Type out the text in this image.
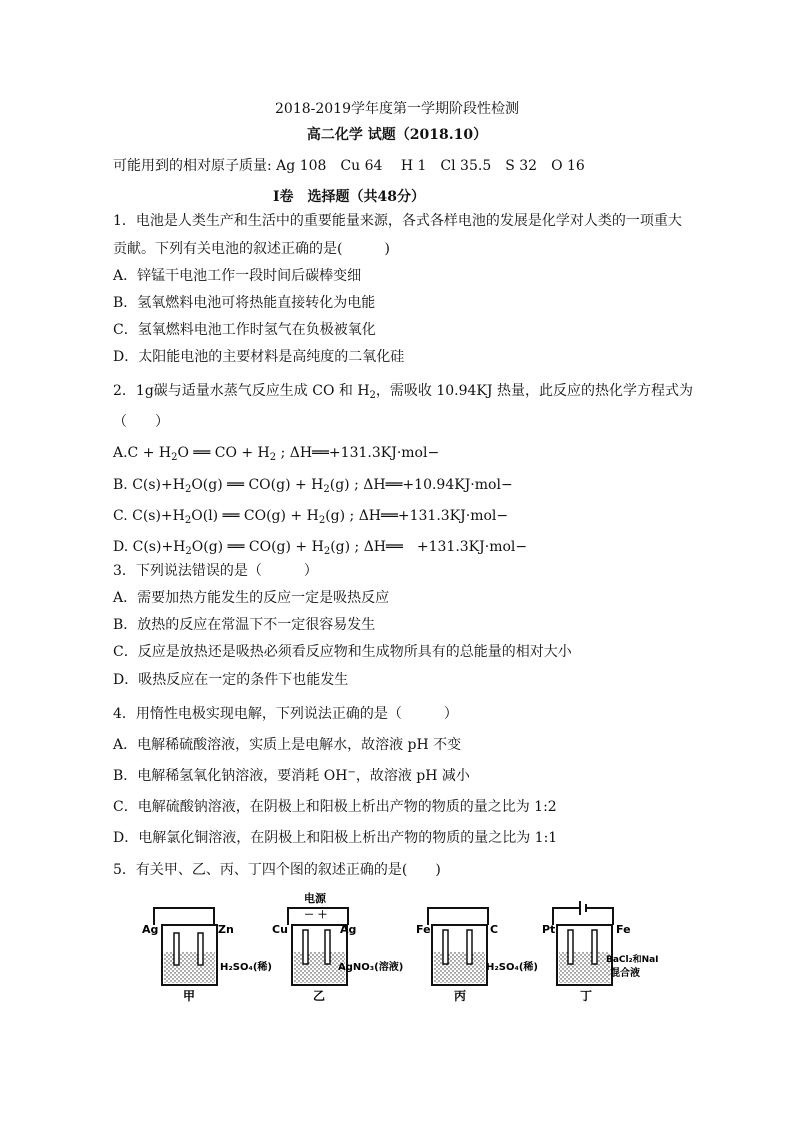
2018-2019学年度第一学期阶段性检测
高二化学 试题（2018.10）
可能用到的相对原子质量: Ag 108　Cu 64　 H 1　Cl 35.5　S 32　O 16
I卷　选择题（共48分）
1．电池是人类生产和生活中的重要能量来源，各式各样电池的发展是化学对人类的一项重大
贡献。下列有关电池的叙述正确的是(　　　)
A．锌锰干电池工作一段时间后碳棒变细
B．氢氧燃料电池可将热能直接转化为电能
C．氢氧燃料电池工作时氢气在负极被氧化
D．太阳能电池的主要材料是高纯度的二氧化硅
2．1g碳与适量水蒸气反应生成 CO 和 $H_2$，需吸收 10.94KJ 热量，此反应的热化学方程式为
（　　）
$A.C + H_2O$ ══ CO + $H_2$ ; ΔH══+131.3KJ·mol−
B. $C(s)+H_2O(g)$ ══ $CO(g) + H_2(g)$ ; ΔH══+10.94KJ·mol−
C. $C(s)+H_2O(l)$ ══ $CO(g) + H_2(g)$ ; ΔH══+131.3KJ·mol−
D. $C(s)+H_2O(g)$ ══ $CO(g) + H_2(g)$ ; ΔH══　+131.3KJ·mol−
3．下列说法错误的是（　　　）
A．需要加热方能发生的反应一定是吸热反应
B．放热的反应在常温下不一定很容易发生
C．反应是放热还是吸热必须看反应物和生成物所具有的总能量的相对大小
D．吸热反应在一定的条件下也能发生
4．用惰性电极实现电解，下列说法正确的是（　　　）
A．电解稀硫酸溶液，实质上是电解水，故溶液 pH 不变
B．电解稀氢氧化钠溶液，要消耗 OH−，故溶液 pH 减小
C．电解硫酸钠溶液，在阴极上和阳极上析出产物的物质的量之比为 1:2
D．电解氯化铜溶液，在阴极上和阳极上析出产物的物质的量之比为 1:1
5．有关甲、乙、丙、丁四个图的叙述正确的是(　　)
Ag	Zn
H₂SO₄(稀)
甲
电源
－ ＋
Cu	Ag
AgNO₃(溶液)
乙
Fe	C
H₂SO₄(稀)
丙
Pt	Fe
BaCl₂和NaI
混合液
丁
